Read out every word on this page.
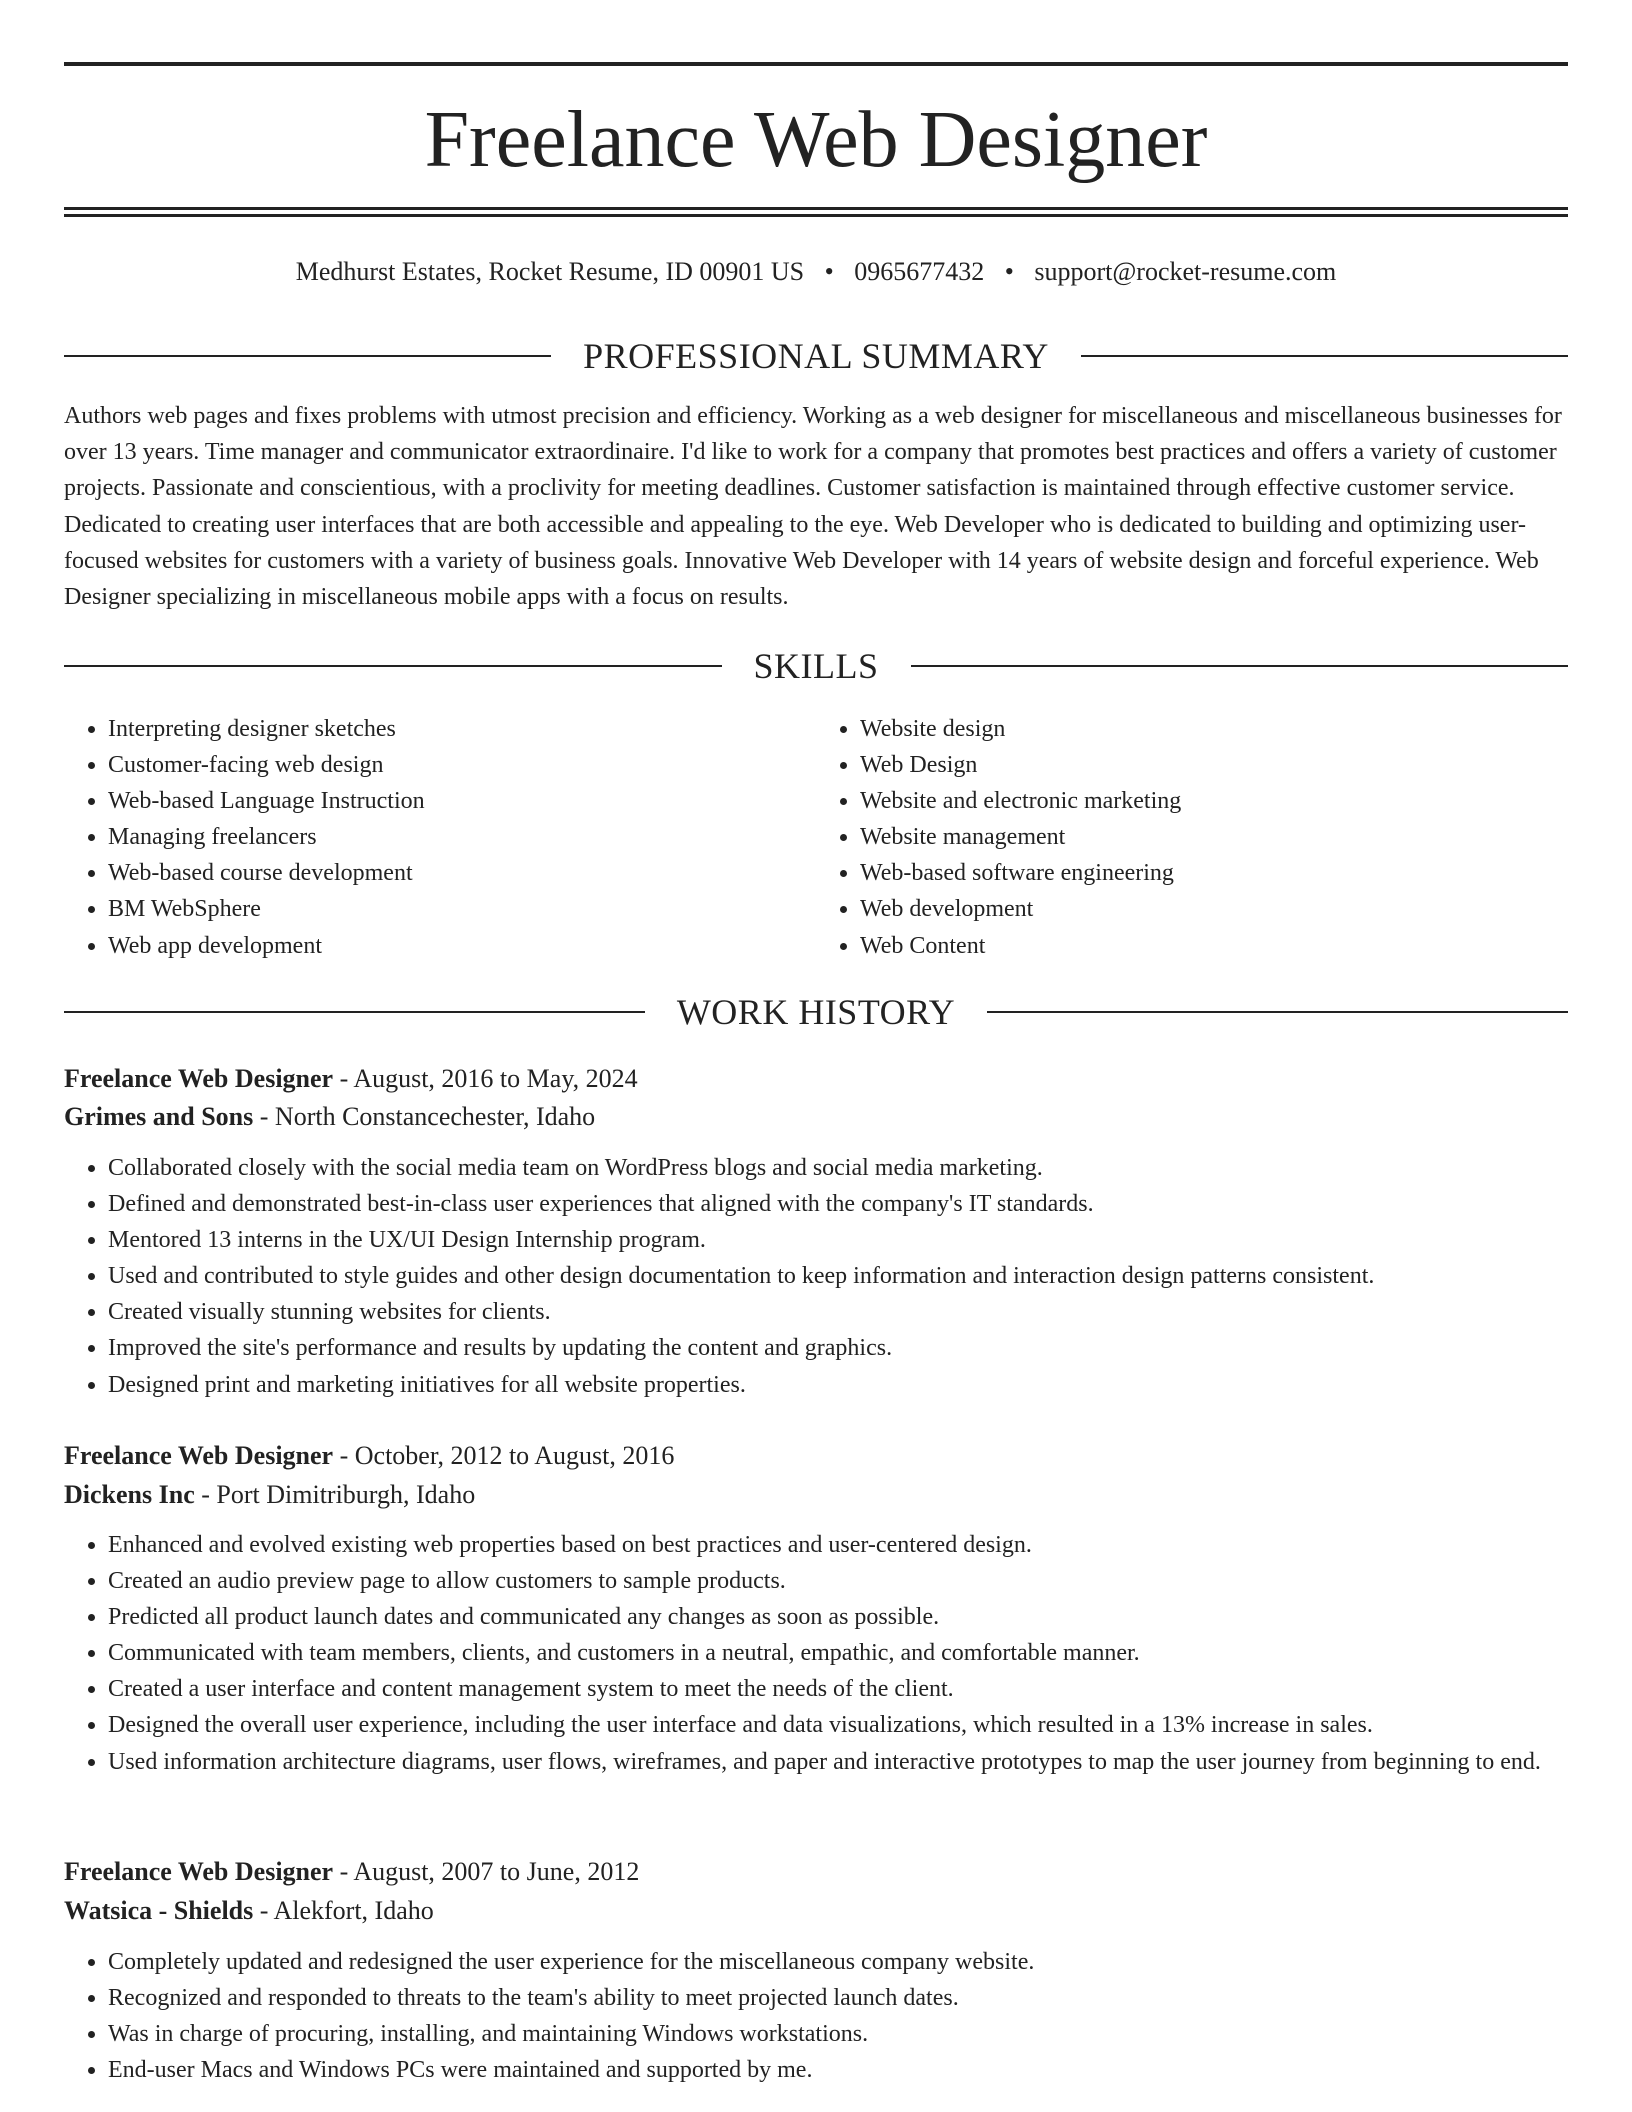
Freelance Web Designer
Medhurst Estates, Rocket Resume, ID 00901 US • 0965677432 • support@rocket-resume.com
PROFESSIONAL SUMMARY

Authors web pages and fixes problems with utmost precision and efficiency. Working as a web designer for miscellaneous and miscellaneous businesses for over 13 years. Time manager and communicator extraordinaire. I'd like to work for a company that promotes best practices and offers a variety of customer projects. Passionate and conscientious, with a proclivity for meeting deadlines. Customer satisfaction is maintained through effective customer service. Dedicated to creating user interfaces that are both accessible and appealing to the eye. Web Developer who is dedicated to building and optimizing user-focused websites for customers with a variety of business goals. Innovative Web Developer with 14 years of website design and forceful experience. Web Designer specializing in miscellaneous mobile apps with a focus on results.

SKILLS
• Interpreting designer sketches
• Customer-facing web design
• Web-based Language Instruction
• Managing freelancers
• Web-based course development
• BM WebSphere
• Web app development
• Website design
• Web Design
• Website and electronic marketing
• Website management
• Web-based software engineering
• Web development
• Web Content
WORK HISTORY
Freelance Web Designer - August, 2016 to May, 2024
Grimes and Sons - North Constancechester, Idaho
• Collaborated closely with the social media team on WordPress blogs and social media marketing.
• Defined and demonstrated best-in-class user experiences that aligned with the company's IT standards.
• Mentored 13 interns in the UX/UI Design Internship program.
• Used and contributed to style guides and other design documentation to keep information and interaction design patterns consistent.
• Created visually stunning websites for clients.
• Improved the site's performance and results by updating the content and graphics.
• Designed print and marketing initiatives for all website properties.
Freelance Web Designer - October, 2012 to August, 2016
Dickens Inc - Port Dimitriburgh, Idaho
• Enhanced and evolved existing web properties based on best practices and user-centered design.
• Created an audio preview page to allow customers to sample products.
• Predicted all product launch dates and communicated any changes as soon as possible.
• Communicated with team members, clients, and customers in a neutral, empathic, and comfortable manner.
• Created a user interface and content management system to meet the needs of the client.
• Designed the overall user experience, including the user interface and data visualizations, which resulted in a 13% increase in sales.
• Used information architecture diagrams, user flows, wireframes, and paper and interactive prototypes to map the user journey from beginning to end.
Freelance Web Designer - August, 2007 to June, 2012
Watsica - Shields - Alekfort, Idaho
• Completely updated and redesigned the user experience for the miscellaneous company website.
• Recognized and responded to threats to the team's ability to meet projected launch dates.
• Was in charge of procuring, installing, and maintaining Windows workstations.
• End-user Macs and Windows PCs were maintained and supported by me.
